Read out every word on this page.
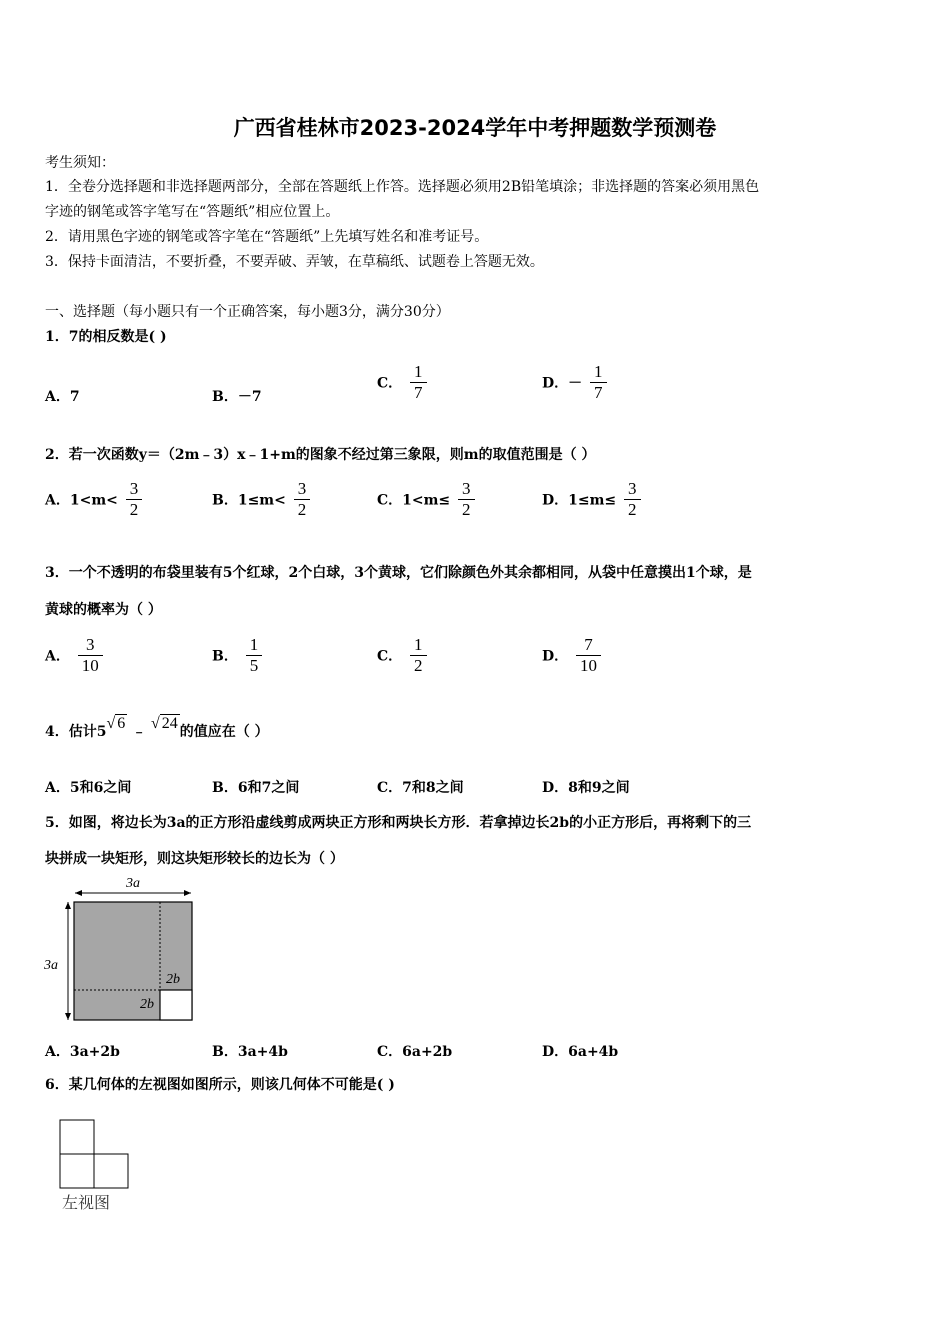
广西省桂林市2023-2024学年中考押题数学预测卷
考生须知：
1．全卷分选择题和非选择题两部分，全部在答题纸上作答。选择题必须用2B铅笔填涂；非选择题的答案必须用黑色
字迹的钢笔或答字笔写在“答题纸”相应位置上。
2．请用黑色字迹的钢笔或答字笔在“答题纸”上先填写姓名和准考证号。
3．保持卡面清洁，不要折叠，不要弄破、弄皱，在草稿纸、试题卷上答题无效。
一、选择题（每小题只有一个正确答案，每小题3分，满分30分）
1．7的相反数是( )
A．7	B．－7
C． $\frac{1}{7}$	D．－ $\frac{1}{7}$
2．若一次函数y＝（2m﹣3）x﹣1+m的图象不经过第三象限，则m的取值范围是（ ）
A．$1<m< \frac{3}{2}$	B．$1\le m< \frac{3}{2}$	C．$1<m\le \frac{3}{2}$	D．$1\le m\le \frac{3}{2}$
3．一个不透明的布袋里装有5个红球，2个白球，3个黄球，它们除颜色外其余都相同，从袋中任意摸出1个球，是
黄球的概率为（ ）
A． $\frac{3}{10}$	B． $\frac{1}{5}$	C． $\frac{1}{2}$	D． $\frac{7}{10}$
4．估计5√ 6 ﹣ √ 24 的值应在（ ）
A．5和6之间	B．6和7之间	C．7和8之间	D．8和9之间
5．如图，将边长为3a的正方形沿虚线剪成两块正方形和两块长方形．若拿掉边长2b的小正方形后，再将剩下的三
块拼成一块矩形，则这块矩形较长的边长为（ ）
3a
3a
2b
2b
A．3a+2b	B．3a+4b	C．6a+2b	D．6a+4b
6．某几何体的左视图如图所示，则该几何体不可能是( )
左视图
